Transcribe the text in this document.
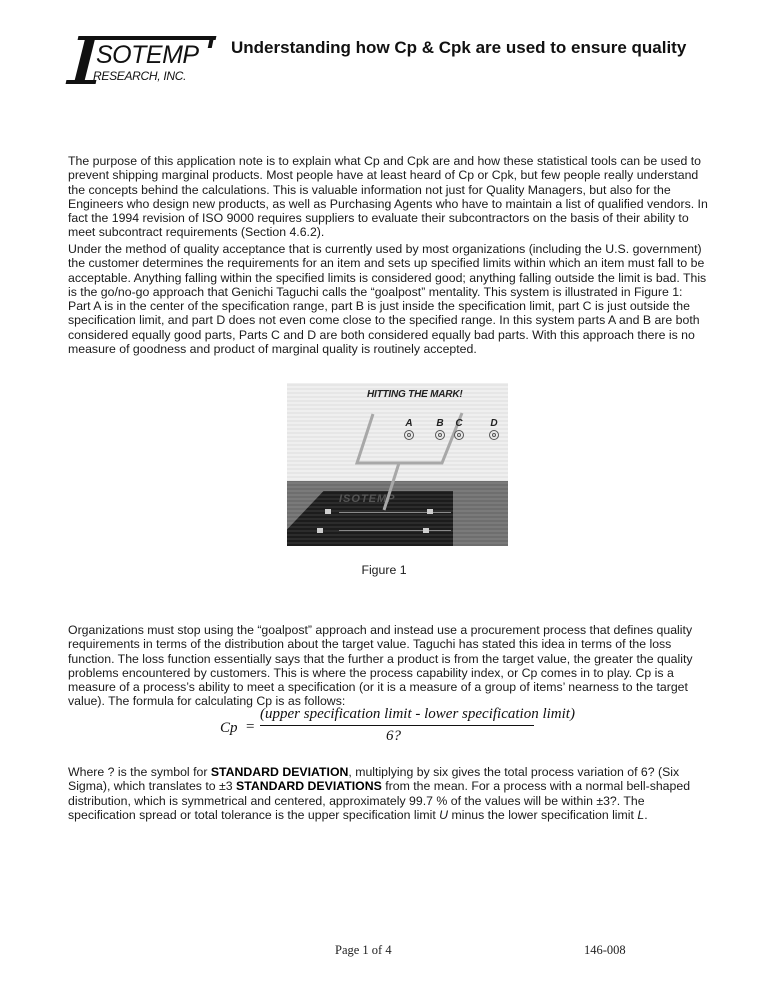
SOTEMP
RESEARCH, INC.
Understanding how Cp & Cpk are used to ensure quality

The purpose of this application note is to explain what Cp and Cpk are and how these statistical tools can be used to prevent shipping marginal products. Most people have at least heard of Cp or Cpk, but few people really understand the concepts behind the calculations. This is valuable information not just for Quality Managers, but also for the Engineers who design new products, as well as Purchasing Agents who have to maintain a list of qualified vendors. In fact the 1994 revision of ISO 9000 requires suppliers to evaluate their subcontractors on the basis of their ability to meet subcontract requirements (Section 4.6.2).

Under the method of quality acceptance that is currently used by most organizations (including the U.S. government) the customer determines the requirements for an item and sets up specified limits within which an item must fall to be acceptable. Anything falling within the specified limits is considered good; anything falling outside the limit is bad. This is the go/no-go approach that Genichi Taguchi calls the “goalpost” mentality. This system is illustrated in Figure 1: Part A is in the center of the specification range, part B is just inside the specification limit, part C is just outside the specification limit, and part D does not even come close to the specified range. In this system parts A and B are both considered equally good parts, Parts C and D are both considered equally bad parts. With this approach there is no measure of goodness and product of marginal quality is routinely accepted.

ISOTEMP
HITTING THE MARK!
A	B	C	D
Figure 1

Organizations must stop using the “goalpost” approach and instead use a procurement process that defines quality requirements in terms of the distribution about the target value. Taguchi has stated this idea in terms of the loss function. The loss function essentially says that the further a product is from the target value, the greater the quality problems encountered by customers. This is where the process capability index, or Cp comes in to play. Cp is a measure of a process’s ability to meet a specification (or it is a measure of a group of items’ nearness to the target value). The formula for calculating Cp is as follows:

Cp =
(upper specification limit - lower specification limit)
6?

Where ? is the symbol for STANDARD DEVIATION, multiplying by six gives the total process variation of 6? (Six Sigma), which translates to ±3 STANDARD DEVIATIONS from the mean. For a process with a normal bell-shaped distribution, which is symmetrical and centered, approximately 99.7 % of the values will be within ±3?. The specification spread or total tolerance is the upper specification limit U minus the lower specification limit L.

Page 1 of 4	146-008
